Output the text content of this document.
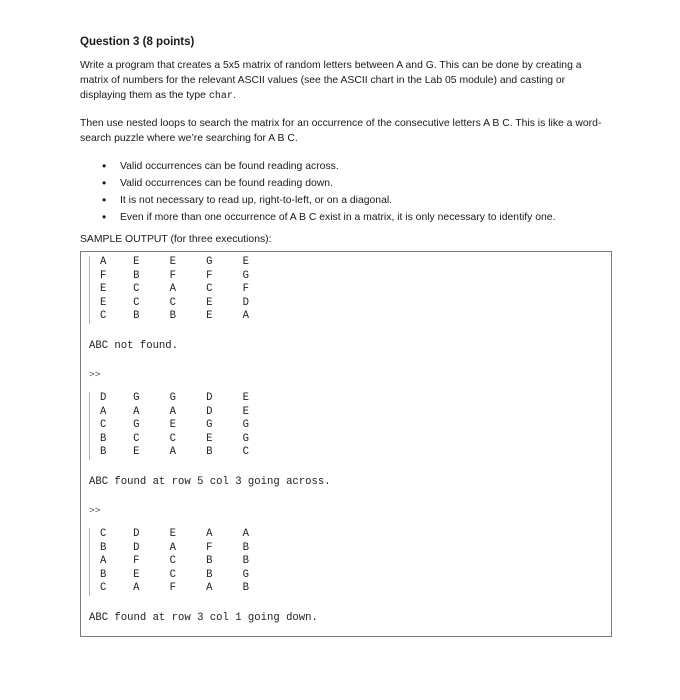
Question 3 (8 points)

Write a program that creates a 5x5 matrix of random letters between A and G. This can be done by creating a matrix of numbers for the relevant ASCII values (see the ASCII chart in the Lab 05 module) and casting or displaying them as the type char.

Then use nested loops to search the matrix for an occurrence of the consecutive letters A B C. This is like a word-search puzzle where we’re searching for A B C.

• Valid occurrences can be found reading across.
• Valid occurrences can be found reading down.
• It is not necessary to read up, right-to-left, or on a diagonal.
• Even if more than one occurrence of A B C exist in a matrix, it is only necessary to identify one.
SAMPLE OUTPUT (for three executions):
A	E	E	G	E
F	B	F	F	G
E	C	A	C	F
E	C	C	E	D
C	B	B	E	A
ABC not found.
>>
D	G	G	D	E
A	A	A	D	E
C	G	E	G	G
B	C	C	E	G
B	E	A	B	C
ABC found at row 5 col 3 going across.
>>
C	D	E	A	A
B	D	A	F	B
A	F	C	B	B
B	E	C	B	G
C	A	F	A	B
ABC found at row 3 col 1 going down.
